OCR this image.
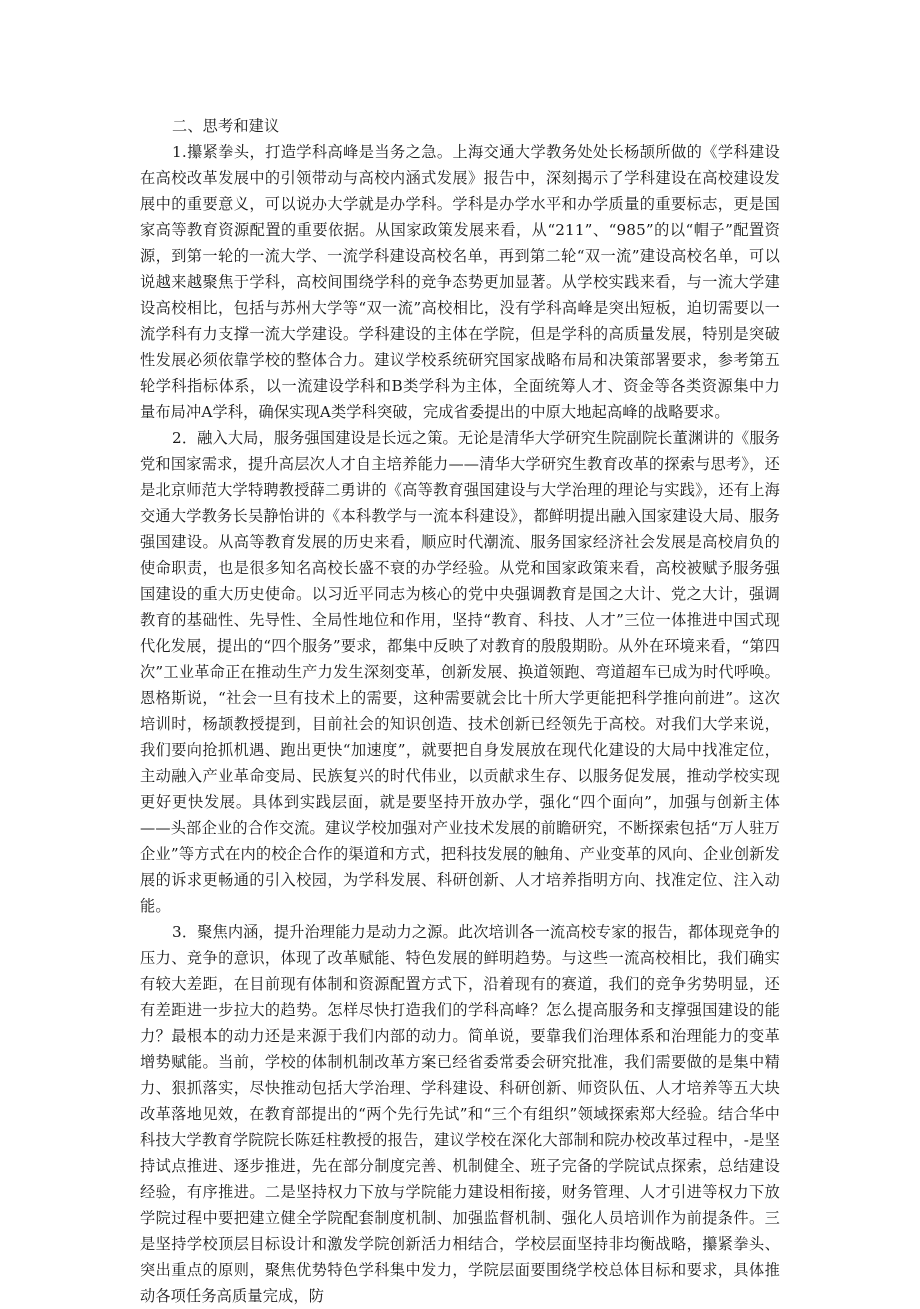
二、思考和建议

1.攥紧拳头，打造学科高峰是当务之急。上海交通大学教务处处长杨颉所做的《学科建设在高校改革发展中的引领带动与高校内涵式发展》报告中，深刻揭示了学科建设在高校建设发展中的重要意义，可以说办大学就是办学科。学科是办学水平和办学质量的重要标志，更是国家高等教育资源配置的重要依据。从国家政策发展来看，从“211”、“985”的以“帽子”配置资源，到第一轮的一流大学、一流学科建设高校名单，再到第二轮“双一流”建设高校名单，可以说越来越聚焦于学科，高校间围绕学科的竞争态势更加显著。从学校实践来看，与一流大学建设高校相比，包括与苏州大学等“双一流”高校相比，没有学科高峰是突出短板，迫切需要以一流学科有力支撑一流大学建设。学科建设的主体在学院，但是学科的高质量发展，特别是突破性发展必须依靠学校的整体合力。建议学校系统研究国家战略布局和决策部署要求，参考第五轮学科指标体系，以一流建设学科和B类学科为主体，全面统筹人才、资金等各类资源集中力量布局冲A学科，确保实现A类学科突破，完成省委提出的中原大地起高峰的战略要求。

2．融入大局，服务强国建设是长远之策。无论是清华大学研究生院副院长董渊讲的《服务党和国家需求，提升高层次人才自主培养能力——清华大学研究生教育改革的探索与思考》，还是北京师范大学特聘教授薛二勇讲的《高等教育强国建设与大学治理的理论与实践》，还有上海交通大学教务长吴静怡讲的《本科教学与一流本科建设》，都鲜明提出融入国家建设大局、服务强国建设。从高等教育发展的历史来看，顺应时代潮流、服务国家经济社会发展是高校肩负的使命职责，也是很多知名高校长盛不衰的办学经验。从党和国家政策来看，高校被赋予服务强国建设的重大历史使命。以习近平同志为核心的党中央强调教育是国之大计、党之大计，强调教育的基础性、先导性、全局性地位和作用，坚持“教育、科技、人才”三位一体推进中国式现代化发展，提出的“四个服务”要求，都集中反映了对教育的殷殷期盼。从外在环境来看，“第四次”工业革命正在推动生产力发生深刻变革，创新发展、换道领跑、弯道超车已成为时代呼唤。恩格斯说，“社会一旦有技术上的需要，这种需要就会比十所大学更能把科学推向前进”。这次培训时，杨颉教授提到，目前社会的知识创造、技术创新已经领先于高校。对我们大学来说，我们要向抢抓机遇、跑出更快“加速度”，就要把自身发展放在现代化建设的大局中找准定位，主动融入产业革命变局、民族复兴的时代伟业，以贡献求生存、以服务促发展，推动学校实现更好更快发展。具体到实践层面，就是要坚持开放办学，强化“四个面向”，加强与创新主体——头部企业的合作交流。建议学校加强对产业技术发展的前瞻研究，不断探索包括“万人驻万企业”等方式在内的校企合作的渠道和方式，把科技发展的触角、产业变革的风向、企业创新发展的诉求更畅通的引入校园，为学科发展、科研创新、人才培养指明方向、找准定位、注入动能。

3．聚焦内涵，提升治理能力是动力之源。此次培训各一流高校专家的报告，都体现竞争的压力、竞争的意识，体现了改革赋能、特色发展的鲜明趋势。与这些一流高校相比，我们确实有较大差距，在目前现有体制和资源配置方式下，沿着现有的赛道，我们的竞争劣势明显，还有差距进一步拉大的趋势。怎样尽快打造我们的学科高峰？怎么提高服务和支撑强国建设的能力？最根本的动力还是来源于我们内部的动力。简单说，要靠我们治理体系和治理能力的变革增势赋能。当前，学校的体制机制改革方案已经省委常委会研究批准，我们需要做的是集中精力、狠抓落实，尽快推动包括大学治理、学科建设、科研创新、师资队伍、人才培养等五大块改革落地见效，在教育部提出的“两个先行先试”和“三个有组织”领域探索郑大经验。结合华中科技大学教育学院院长陈廷柱教授的报告，建议学校在深化大部制和院办校改革过程中，-是坚持试点推进、逐步推进，先在部分制度完善、机制健全、班子完备的学院试点探索，总结建设经验，有序推进。二是坚持权力下放与学院能力建设相衔接，财务管理、人才引进等权力下放学院过程中要把建立健全学院配套制度机制、加强监督机制、强化人员培训作为前提条件。三是坚持学校顶层目标设计和激发学院创新活力相结合，学校层面坚持非均衡战略，攥紧拳头、突出重点的原则，聚焦优势特色学科集中发力，学院层面要围绕学校总体目标和要求，具体推动各项任务高质量完成，防
